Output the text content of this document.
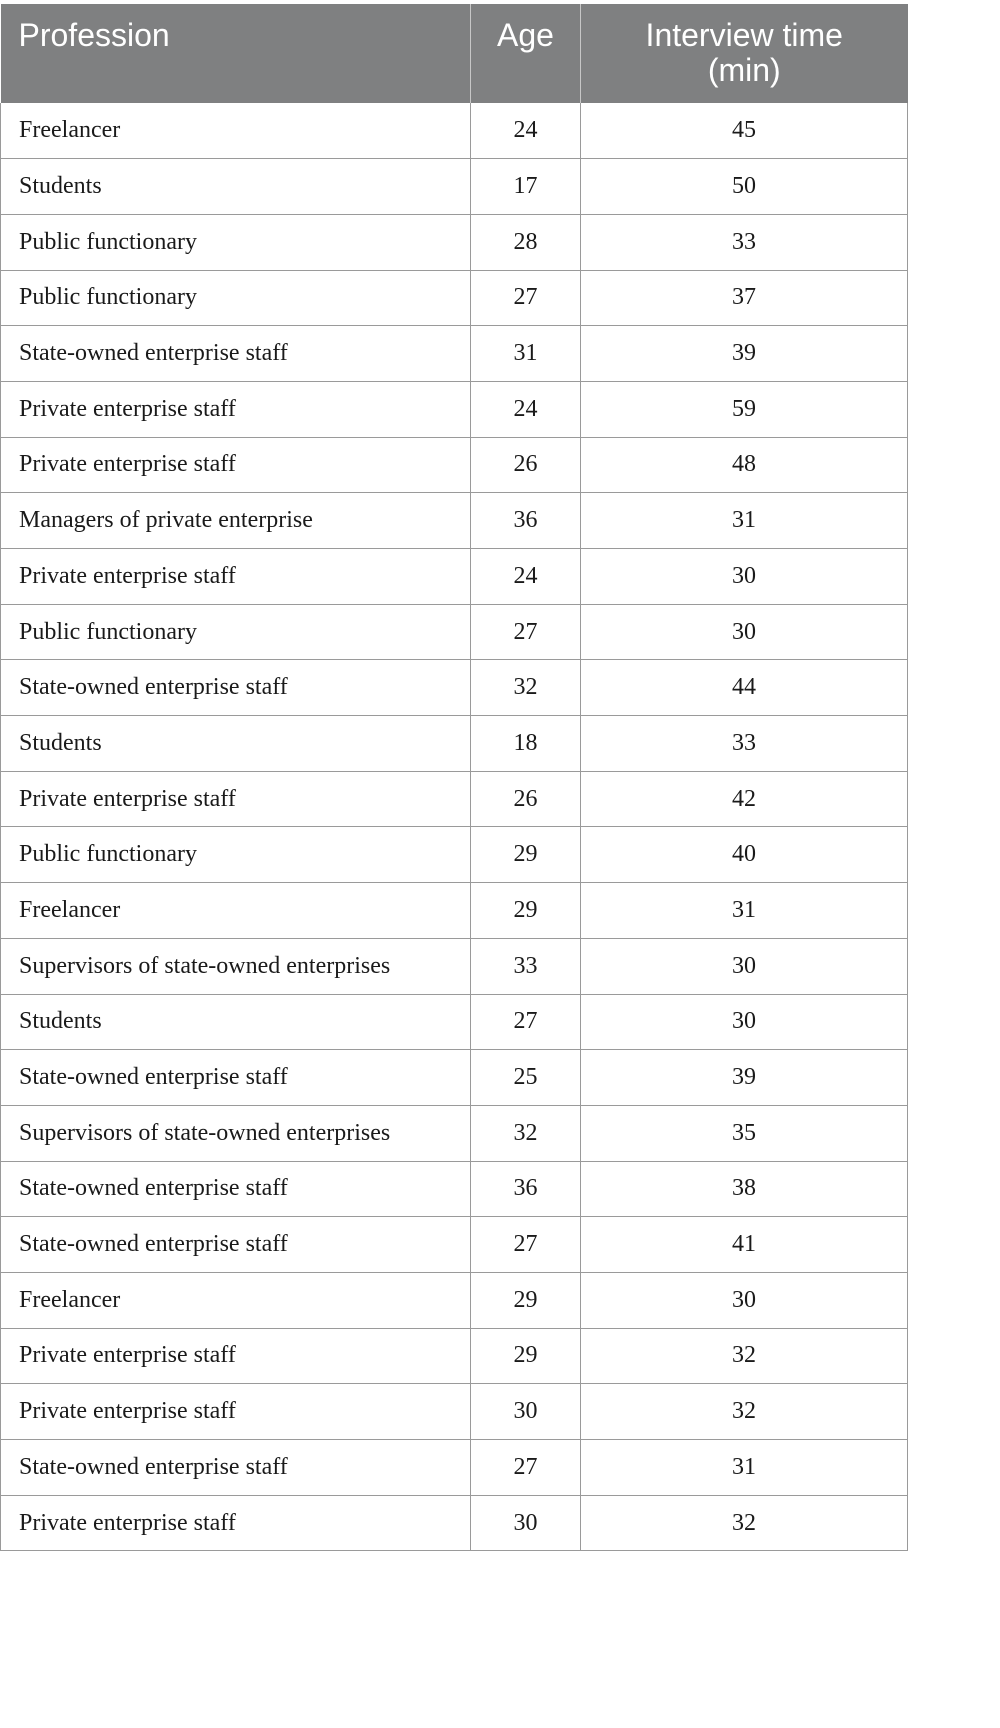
Profession	Age	Interview time
(min)
Freelancer	24	45
Students	17	50
Public functionary	28	33
Public functionary	27	37
State-owned enterprise staff	31	39
Private enterprise staff	24	59
Private enterprise staff	26	48
Managers of private enterprise	36	31
Private enterprise staff	24	30
Public functionary	27	30
State-owned enterprise staff	32	44
Students	18	33
Private enterprise staff	26	42
Public functionary	29	40
Freelancer	29	31
Supervisors of state-owned enterprises	33	30
Students	27	30
State-owned enterprise staff	25	39
Supervisors of state-owned enterprises	32	35
State-owned enterprise staff	36	38
State-owned enterprise staff	27	41
Freelancer	29	30
Private enterprise staff	29	32
Private enterprise staff	30	32
State-owned enterprise staff	27	31
Private enterprise staff	30	32
